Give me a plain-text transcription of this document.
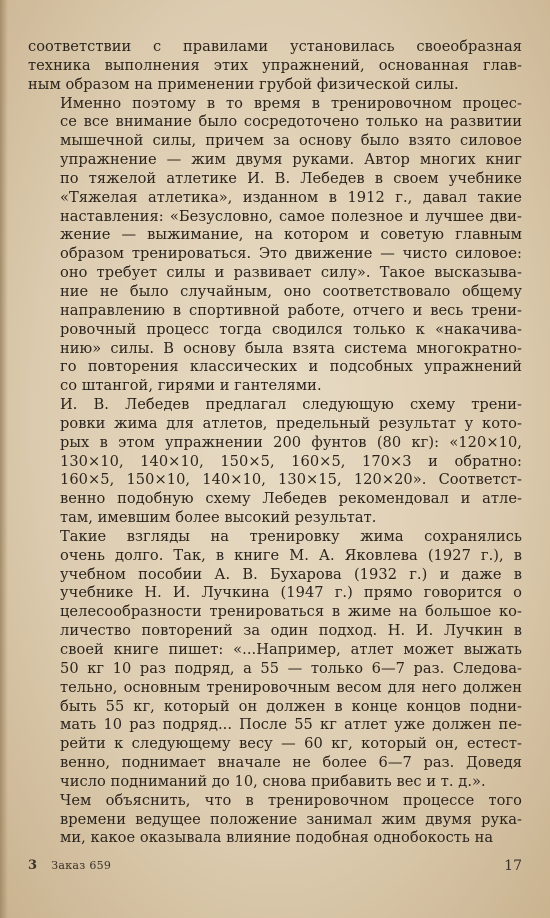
соответствии с правилами установилась своеобразная
техника выполнения этих упражнений, основанная глав-
ным образом на применении грубой физической силы.

Именно поэтому в то время в тренировочном процес-
се все внимание было сосредоточено только на развитии
мышечной силы, причем за основу было взято силовое
упражнение — жим двумя руками. Автор многих книг
по тяжелой атлетике И. В. Лебедев в своем учебнике
«Тяжелая атлетика», изданном в 1912 г., давал такие
наставления: «Безусловно, самое полезное и лучшее дви-
жение — выжимание, на котором и советую главным
образом тренироваться. Это движение — чисто силовое:
оно требует силы и развивает силу». Такое высказыва-
ние не было случайным, оно соответствовало общему
направлению в спортивной работе, отчего и весь трени-
ровочный процесс тогда сводился только к «накачива-
нию» силы. В основу была взята система многократно-
го повторения классических и подсобных упражнений
со штангой, гирями и гантелями.

И. В. Лебедев предлагал следующую схему трени-
ровки жима для атлетов, предельный результат у кото-
рых в этом упражнении 200 фунтов (80 кг): «120×10,
130×10, 140×10, 150×5, 160×5, 170×3 и обратно:
160×5, 150×10, 140×10, 130×15, 120×20». Соответст-
венно подобную схему Лебедев рекомендовал и атле-
там, имевшим более высокий результат.

Такие взгляды на тренировку жима сохранялись
очень долго. Так, в книге М. А. Яковлева (1927 г.), в
учебном пособии А. В. Бухарова (1932 г.) и даже в
учебнике Н. И. Лучкина (1947 г.) прямо говорится о
целесообразности тренироваться в жиме на большое ко-
личество повторений за один подход. Н. И. Лучкин в
своей книге пишет: «...Например, атлет может выжать
50 кг 10 раз подряд, а 55 — только 6—7 раз. Следова-
тельно, основным тренировочным весом для него должен
быть 55 кг, который он должен в конце концов подни-
мать 10 раз подряд... После 55 кг атлет уже должен пе-
рейти к следующему весу — 60 кг, который он, естест-
венно, поднимает вначале не более 6—7 раз. Доведя
число подниманий до 10, снова прибавить вес и т. д.».

Чем объяснить, что в тренировочном процессе того
времени ведущее положение занимал жим двумя рука-
ми, какое оказывала влияние подобная однобокость на

3 Заказ 659	17
